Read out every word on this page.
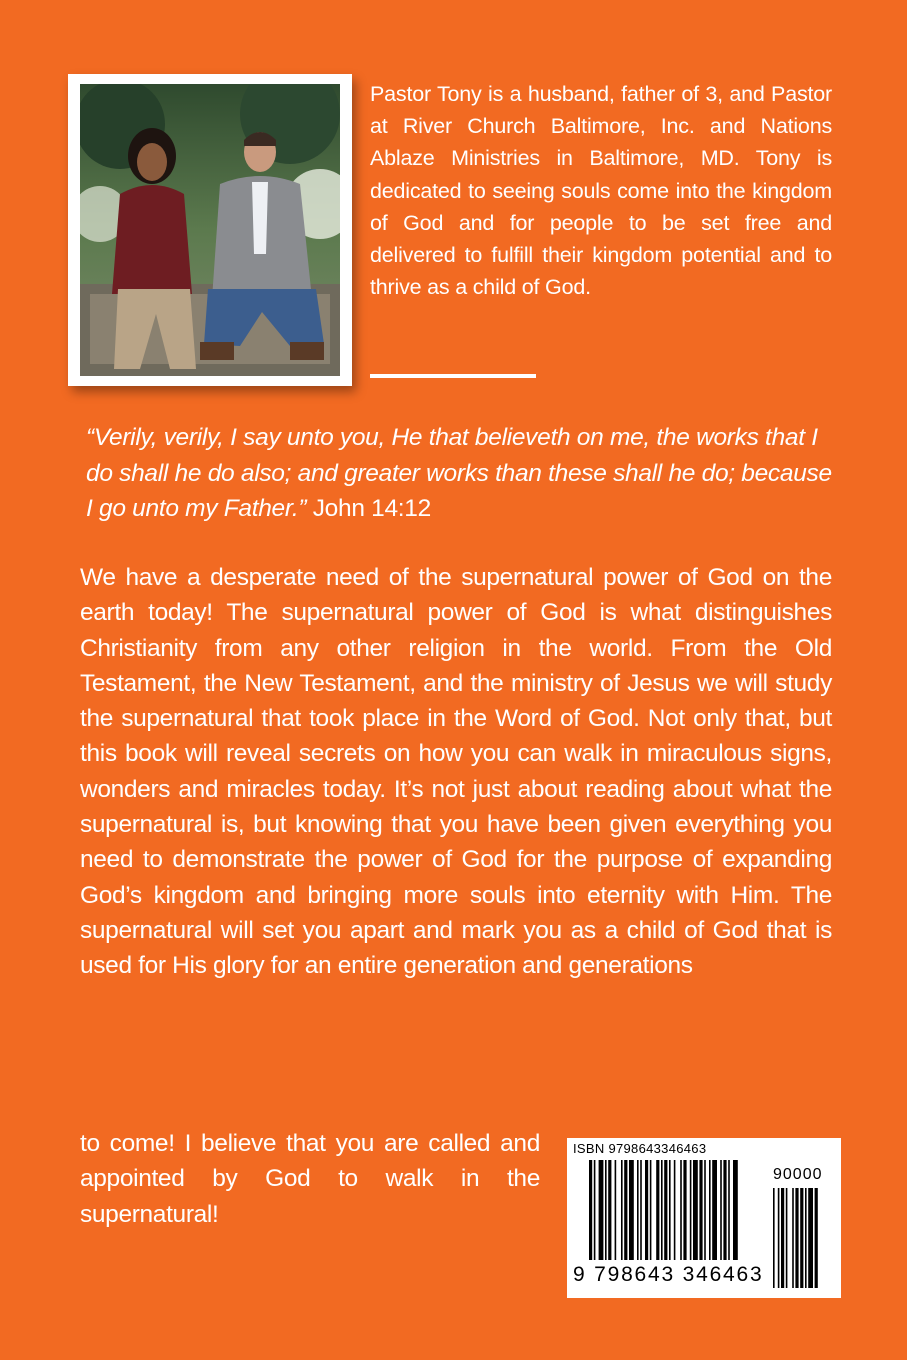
Pastor Tony is a husband, father of 3, and Pastor at River Church Baltimore, Inc. and Nations Ablaze Ministries in Baltimore, MD. Tony is dedicated to seeing souls come into the kingdom of God and for people to be set free and delivered to fulfill their kingdom potential and to thrive as a child of God.
“Verily, verily, I say unto you, He that believeth on me, the works that I do shall he do also; and greater works than these shall he do; because I go unto my Father.” John 14:12
We have a desperate need of the supernatural power of God on the earth today! The supernatural power of God is what distinguishes Christianity from any other religion in the world. From the Old Testament, the New Testament, and the ministry of Jesus we will study the supernatural that took place in the Word of God. Not only that, but this book will reveal secrets on how you can walk in miraculous signs, wonders and miracles today. It’s not just about reading about what the supernatural is, but knowing that you have been given everything you need to demonstrate the power of God for the purpose of expanding God’s kingdom and bringing more souls into eternity with Him. The supernatural will set you apart and mark you as a child of God that is used for His glory for an entire generation and generations
to come! I believe that you are called and appointed by God to walk in the supernatural!
ISBN 9798643346463
90000
9 798643 346463
